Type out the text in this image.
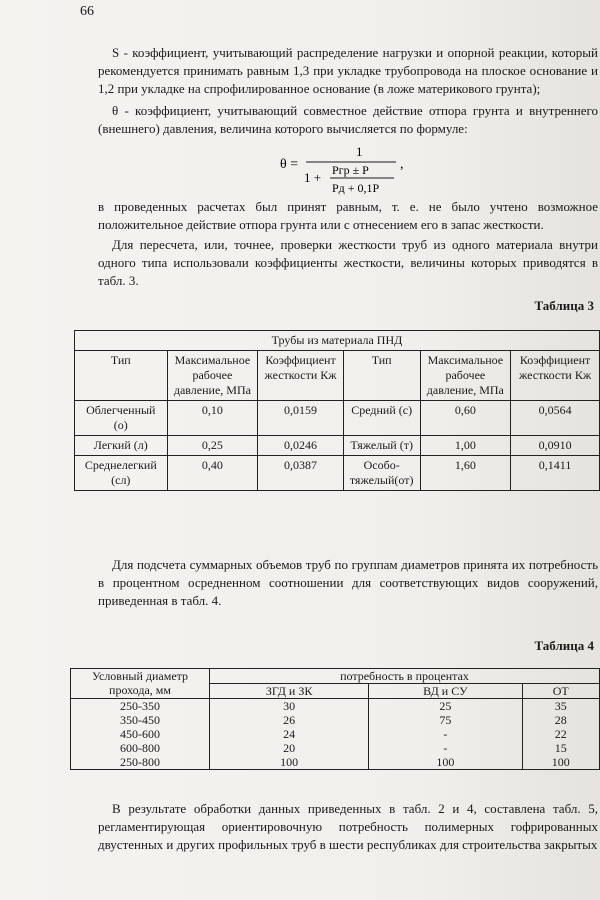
66
S - коэффициент, учитывающий распределение нагрузки и опорной реакции, который рекомендуется принимать равным 1,3 при укладке трубопровода на плоское основание и 1,2 при укладке на спрофилированное основание (в ложе материкового грунта);
θ - коэффициент, учитывающий совместное действие отпора грунта и внутреннего (внешнего) давления, величина которого вычисляется по формуле:
θ =
1
1 + Pгр ± P
Pд + 0,1P
,
в проведенных расчетах был принят равным, т. е. не было учтено возможное положительное действие отпора грунта или с отнесением его в запас жесткости.
Для пересчета, или, точнее, проверки жесткости труб из одного материала внутри одного типа использовали коэффициенты жесткости, величины которых приводятся в табл. 3.
Таблица 3
Трубы из материала ПНД					
Тип	Максимальное рабочее давление, МПа	Коэффициент жесткости Кж	Тип	Максимальное рабочее давление, МПа	Коэффициент жесткости Кж
Облегченный (о)	0,10	0,0159	Средний (с)	0,60	0,0564
Легкий (л)	0,25	0,0246	Тяжелый (т)	1,00	0,0910
Среднелегкий (сл)	0,40	0,0387	Особо-тяжелый(от)	1,60	0,1411
Для подсчета суммарных объемов труб по группам диаметров принята их потребность в процентном осредненном соотношении для соответствующих видов сооружений, приведенная в табл. 4.
Таблица 4
Условный диаметр прохода, мм	потребность в процентах		
	ЗГД и ЗК	ВД и СУ	ОТ
250-350	30	25	35
350-450	26	75	28
450-600	24	-	22
600-800	20	-	15
250-800	100	100	100
В результате обработки данных приведенных в табл. 2 и 4, составлена табл. 5, регламентирующая ориентировочную потребность полимерных гофрированных двустенных и других профильных труб в шести республиках для строительства закрытых
